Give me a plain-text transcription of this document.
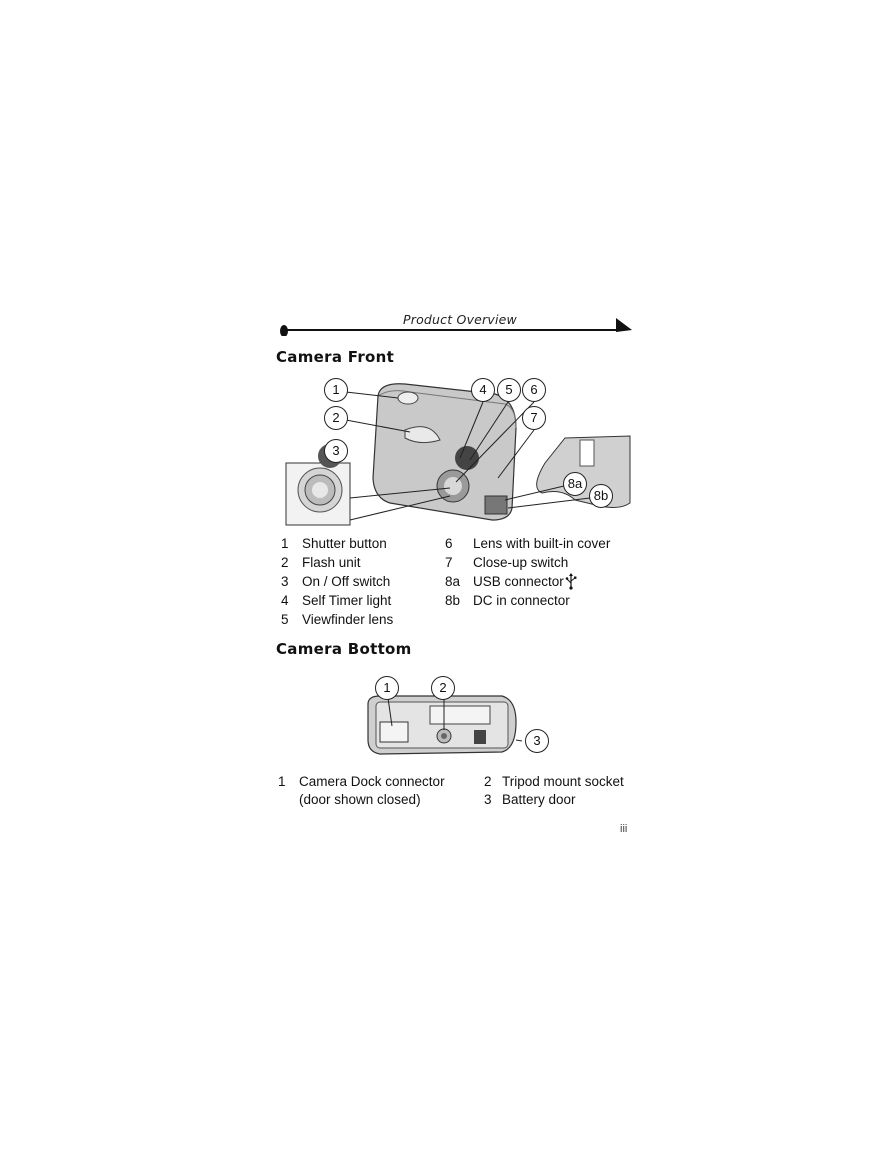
Product Overview
Camera Front
1
2
3
4	5	6
7
8a
8b
1 Shutter button
2 Flash unit
3 On / Off switch
4 Self Timer light
5 Viewfinder lens
6 Lens with built-in cover
7 Close-up switch
8a USB connector
8b DC in connector
Camera Bottom
1	2
3
1 Camera Dock connector
(door shown closed)
2 Tripod mount socket
3 Battery door
iii
